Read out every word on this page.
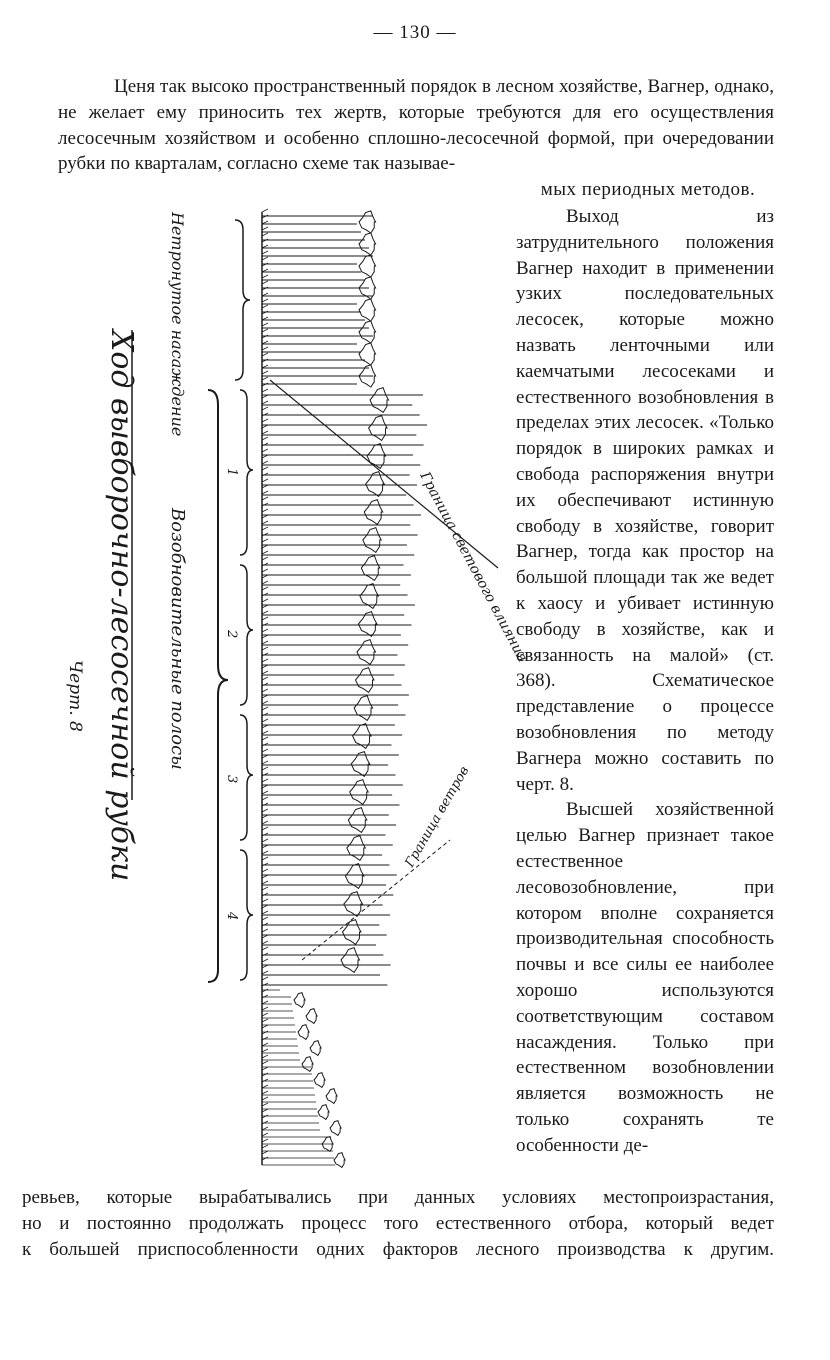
— 130 —

Ценя так высоко пространственный порядок в лесном хозяйстве, Вагнер, однако, не желает ему приносить тех жертв, которые требуются для его осуществления лесосечным хозяйством и особенно сплошно-лесосечной формой, при очередовании рубки по кварталам, согласно схеме так называе-

мых периодных методов.

Выход из затруднительного положения Вагнер находит в применении узких последовательных лесосек, которые можно назвать ленточными или каемчатыми лесосеками и естественного возобновления в пределах этих лесосек. «Только порядок в широких рамках и свобода распоряжения внутри их обеспечивают истинную свободу в хозяйстве, говорит Вагнер, тогда как простор на большой площади так же ведет к хаосу и убивает истинную свободу в хозяйстве, как и связанность на малой» (ст. 368). Схематическое представление о процессе возобновления по методу Вагнера можно составить по черт. 8.

Высшей хозяйственной целью Вагнер признает такое естественное лесовозобновление, при котором вполне сохраняется производительная способность почвы и все силы ее наиболее хорошо используются соответствующим составом насаждения. Только при естественном возобновлении является возможность не только сохранять те особенности де-

ревьев, которые вырабатывались при данных условиях местопроизрастания,

но и постоянно продолжать процесс того естественного отбора, который ведет

к большей приспособленности одних факторов лесного производства к другим.

Черт. 8 Ход вывборочно-лесосечной рубки
Нетронутое насаждение
Возобновительные полосы
1
2
3
4
Граница светового влияния
Граница ветров
